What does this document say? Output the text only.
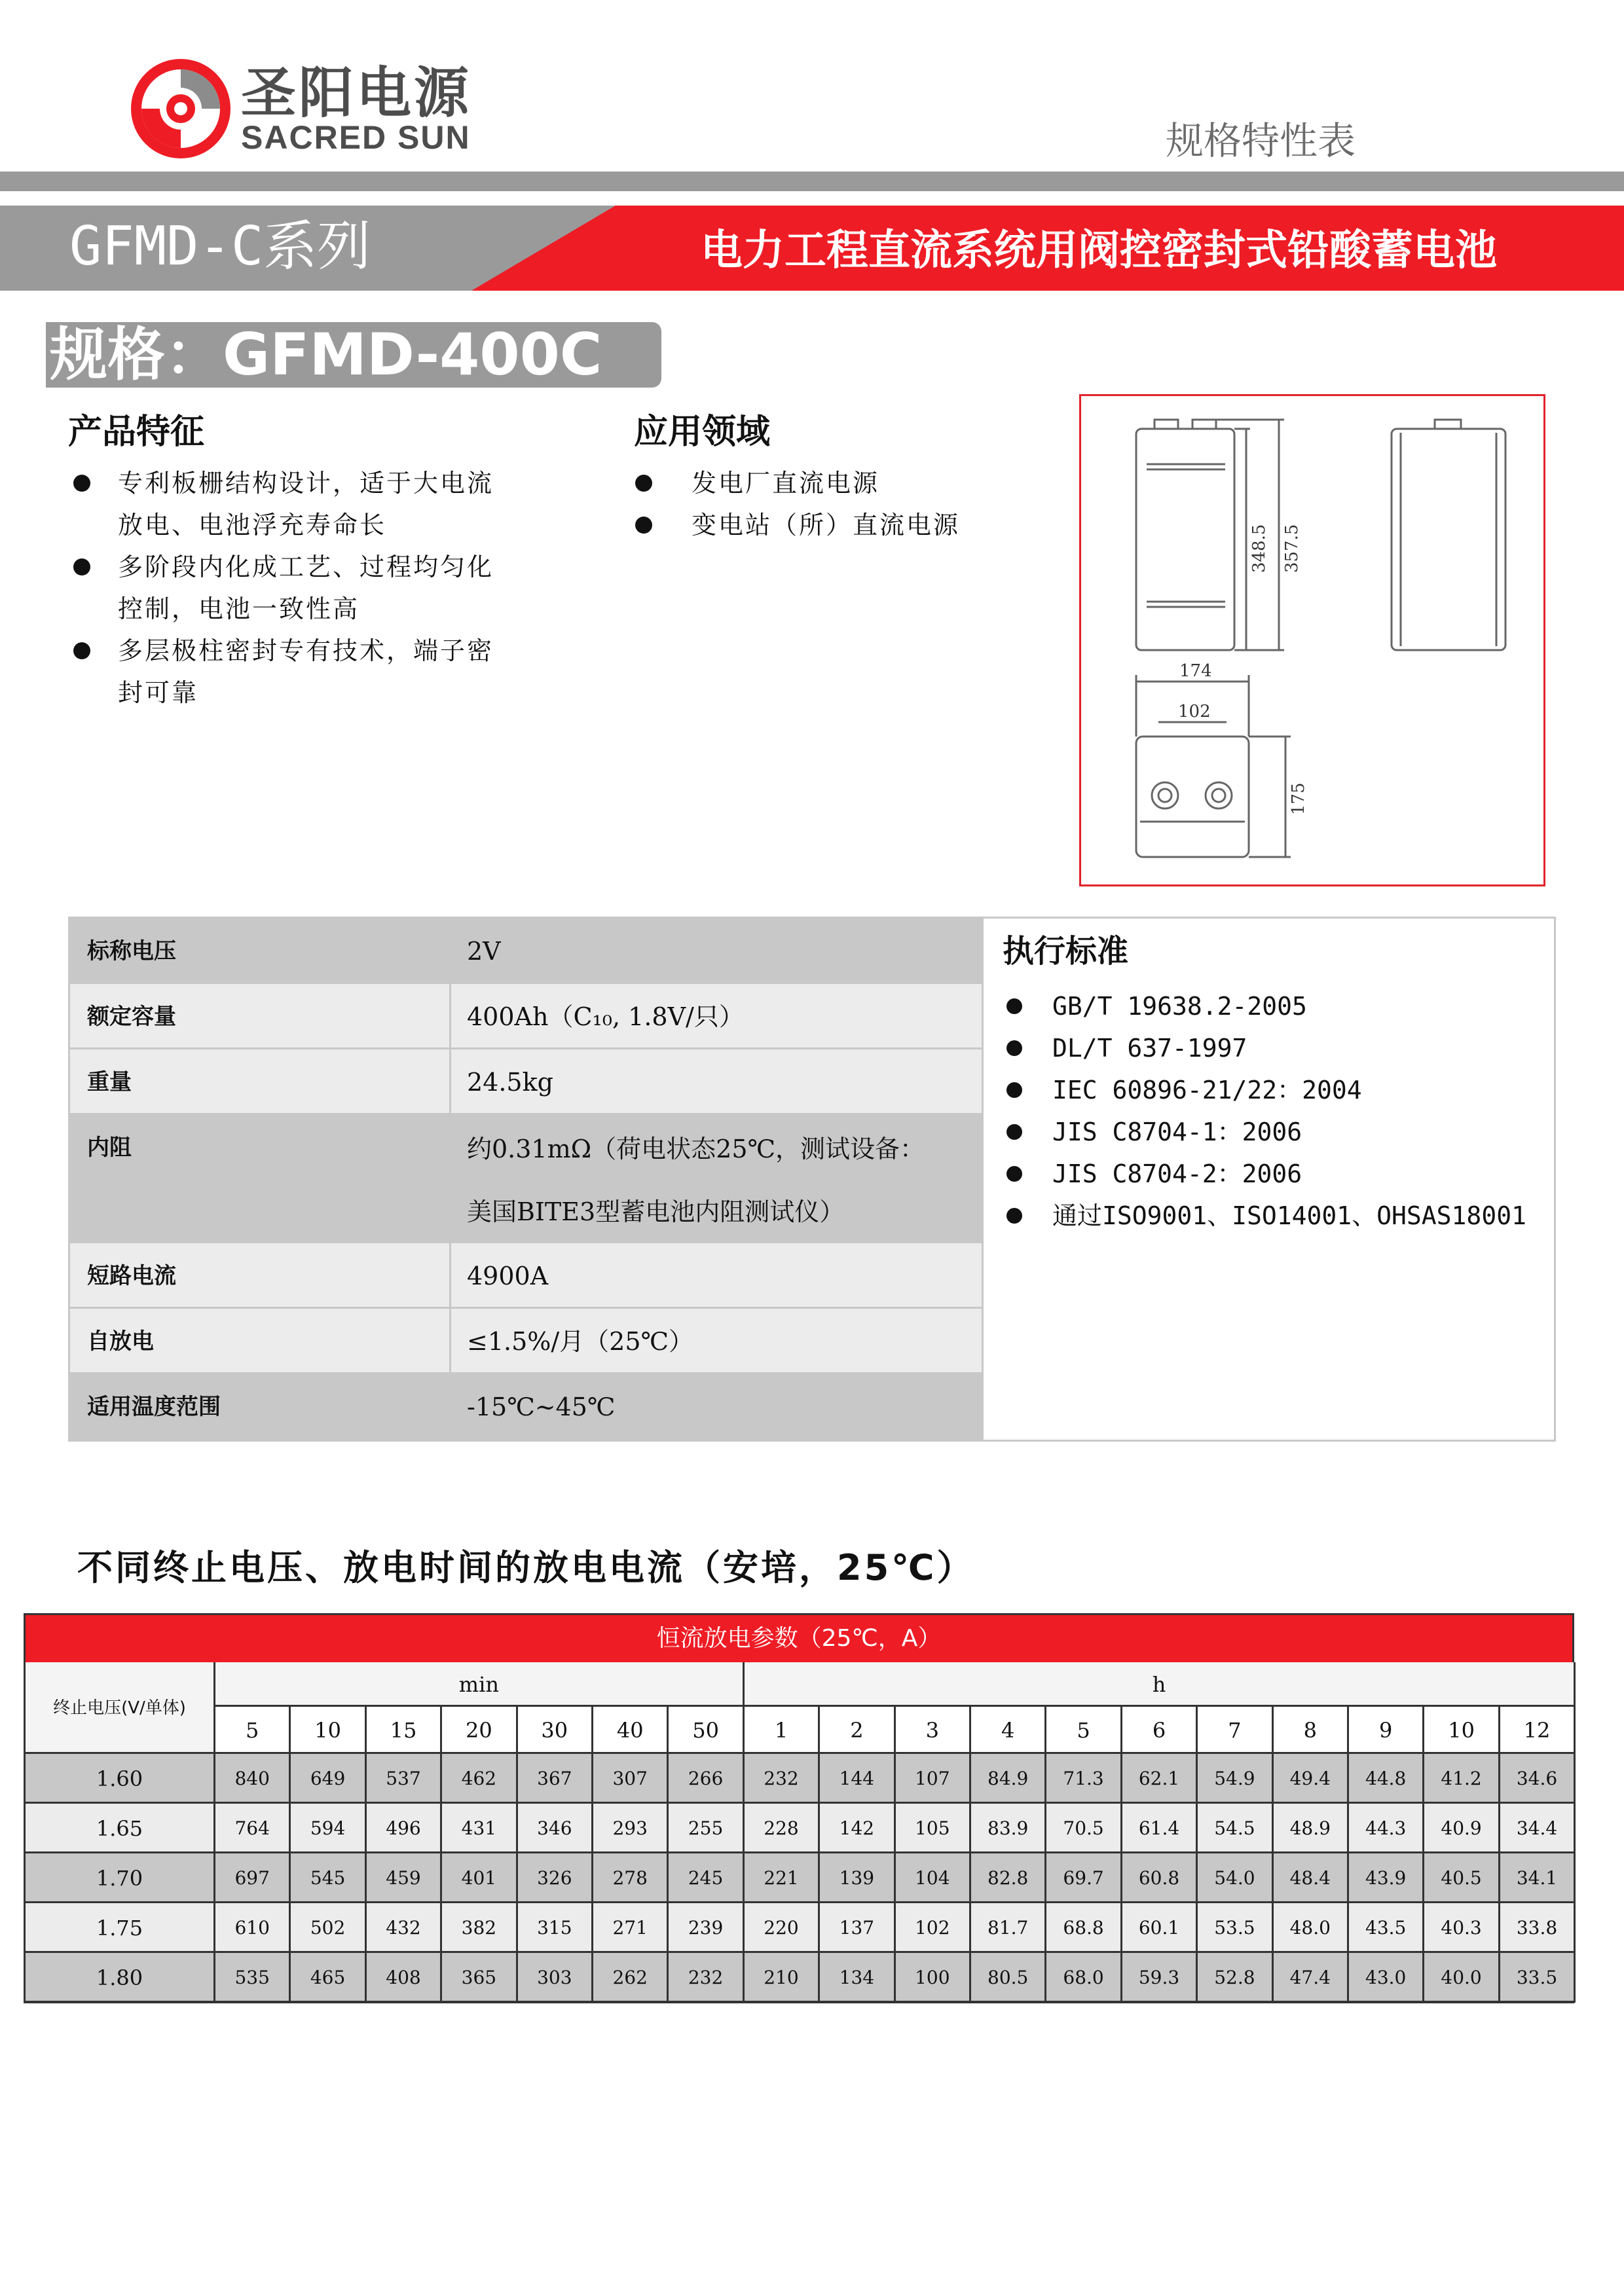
圣阳电源
SACRED SUN	规格特性表
GFMD-C系列	电力工程直流系统用阀控密封式铅酸蓄电池
规格：GFMD-400C
产品特征
专利板栅结构设计，适于大电流
放电、电池浮充寿命长
多阶段内化成工艺、过程均匀化
控制，电池一致性高
多层极柱密封专有技术，端子密
封可靠
应用领域
发电厂直流电源
变电站（所）直流电源	348.5 357.5
174
102
175
标称电压	2V
额定容量	400Ah（C₁₀, 1.8V/只）
重量	24.5kg
内阻	约0.31mΩ（荷电状态25℃，测试设备：
美国BITE3型蓄电池内阻测试仪）
短路电流	4900A
自放电	≤1.5%/月（25℃）
适用温度范围	-15℃~45℃
执行标准
GB/T 19638.2-2005
DL/T 637-1997
IEC 60896-21/22：2004
JIS C8704-1：2006
JIS C8704-2：2006
通过ISO9001、ISO14001、OHSAS18001
不同终止电压、放电时间的放电电流（安培，25℃）
恒流放电参数（25℃，A）
终止电压(V/单体)
min	h
5	10	15	20	30	40	50	1	2	3	4	5	6	7	8	9	10	12
1.60	840	649	537	462	367	307	266	232	144	107	84.9	71.3	62.1	54.9	49.4	44.8	41.2	34.6
1.65	764	594	496	431	346	293	255	228	142	105	83.9	70.5	61.4	54.5	48.9	44.3	40.9	34.4
1.70	697	545	459	401	326	278	245	221	139	104	82.8	69.7	60.8	54.0	48.4	43.9	40.5	34.1
1.75	610	502	432	382	315	271	239	220	137	102	81.7	68.8	60.1	53.5	48.0	43.5	40.3	33.8
1.80	535	465	408	365	303	262	232	210	134	100	80.5	68.0	59.3	52.8	47.4	43.0	40.0	33.5
